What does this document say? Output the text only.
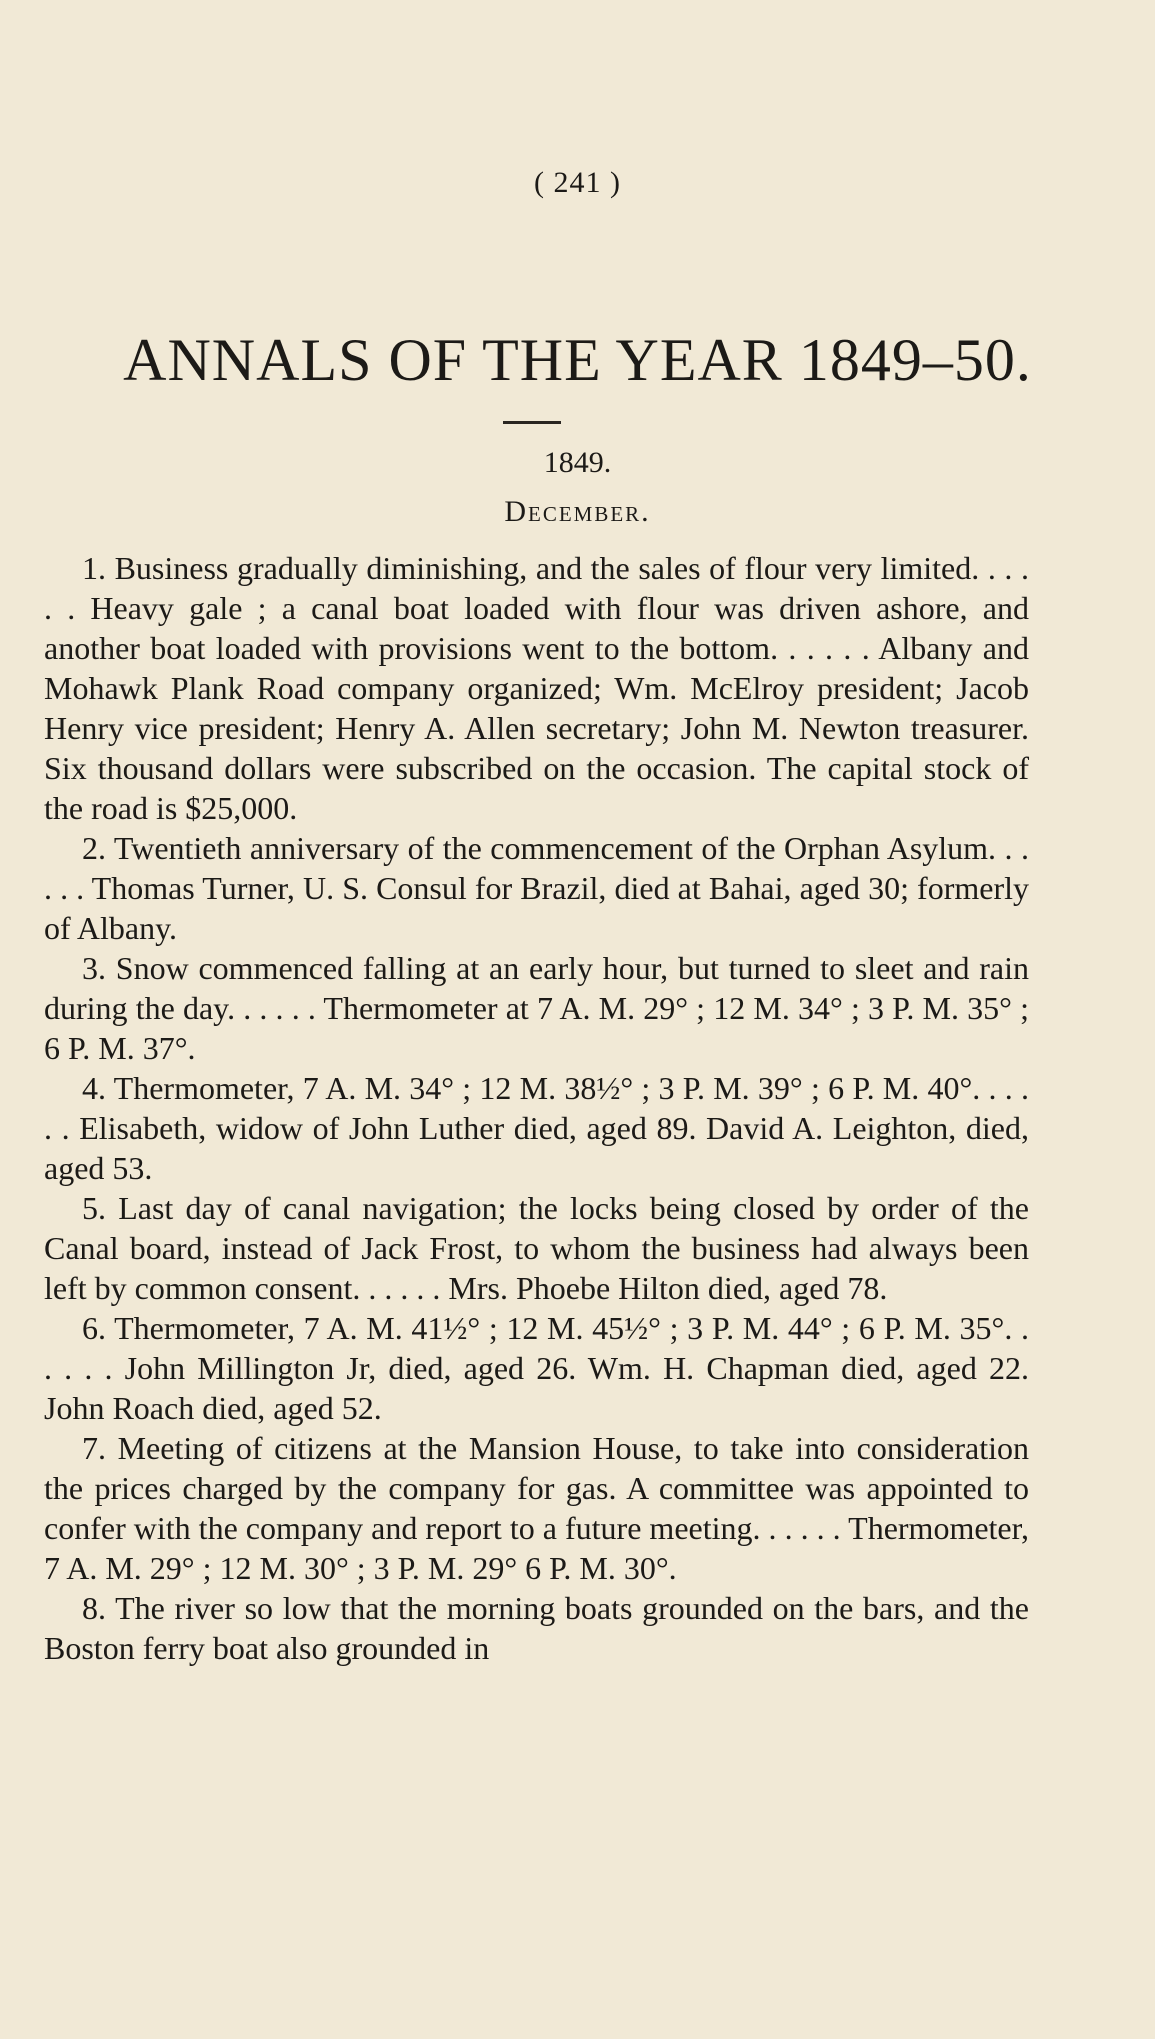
( 241 )
ANNALS OF THE YEAR 1849–50.
1849.
December.

1. Business gradually diminishing, and the sales of flour very limited. . . . . . Heavy gale ; a canal boat loaded with flour was driven ashore, and another boat loaded with provisions went to the bottom. . . . . . Albany and Mohawk Plank Road company organized; Wm. McElroy president; Jacob Henry vice president; Henry A. Allen secretary; John M. Newton treasurer. Six thousand dollars were subscribed on the occasion. The capital stock of the road is $25,000.

2. Twentieth anniversary of the commencement of the Orphan Asylum. . . . . . Thomas Turner, U. S. Consul for Brazil, died at Bahai, aged 30; formerly of Albany.

3. Snow commenced falling at an early hour, but turned to sleet and rain during the day. . . . . . Thermometer at 7 A. M. 29° ; 12 M. 34° ; 3 P. M. 35° ; 6 P. M. 37°.

4. Thermometer, 7 A. M. 34° ; 12 M. 38½° ; 3 P. M. 39° ; 6 P. M. 40°. . . . . . Elisabeth, widow of John Luther died, aged 89. David A. Leighton, died, aged 53.

5. Last day of canal navigation; the locks being closed by order of the Canal board, instead of Jack Frost, to whom the business had always been left by common consent. . . . . . Mrs. Phoebe Hilton died, aged 78.

6. Thermometer, 7 A. M. 41½° ; 12 M. 45½° ; 3 P. M. 44° ; 6 P. M. 35°. . . . . . John Millington Jr, died, aged 26. Wm. H. Chapman died, aged 22. John Roach died, aged 52.

7. Meeting of citizens at the Mansion House, to take into consideration the prices charged by the company for gas. A committee was appointed to confer with the company and report to a future meeting. . . . . . Thermometer, 7 A. M. 29° ; 12 M. 30° ; 3 P. M. 29° 6 P. M. 30°.

8. The river so low that the morning boats grounded on the bars, and the Boston ferry boat also grounded in
